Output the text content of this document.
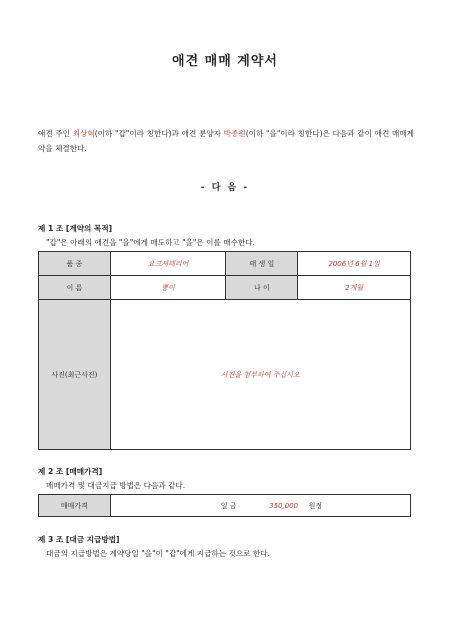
애견 매매 계약서
애견 주인 최상혁(이하 "갑"이라 칭한다)과 애견 분양자 박종원(이하 "을"이라 칭한다)은 다음과 같이 애견 매매계약을 체결한다.
- 다 음 -
제 1 조 [계약의 목적]
"갑"은 아래의 애견을 "을"에게 매도하고 "을"은 이를 매수한다.
품 종	요크셔테리어	태 생 일	2006년 6월 1일
이 름	뽕이	나 이	2개월
사진(최근사진)	사진을 첨부하여 주십시오		
제 2 조 [매매가격]
매매가격 및 대금지급 방법은 다음과 같다.
매매가격	일 금	350,000 원정
제 3 조 [대금 지급방법]
대금의 지급방법은 계약당일 "을"이 "갑"에게 지급하는 것으로 한다.
